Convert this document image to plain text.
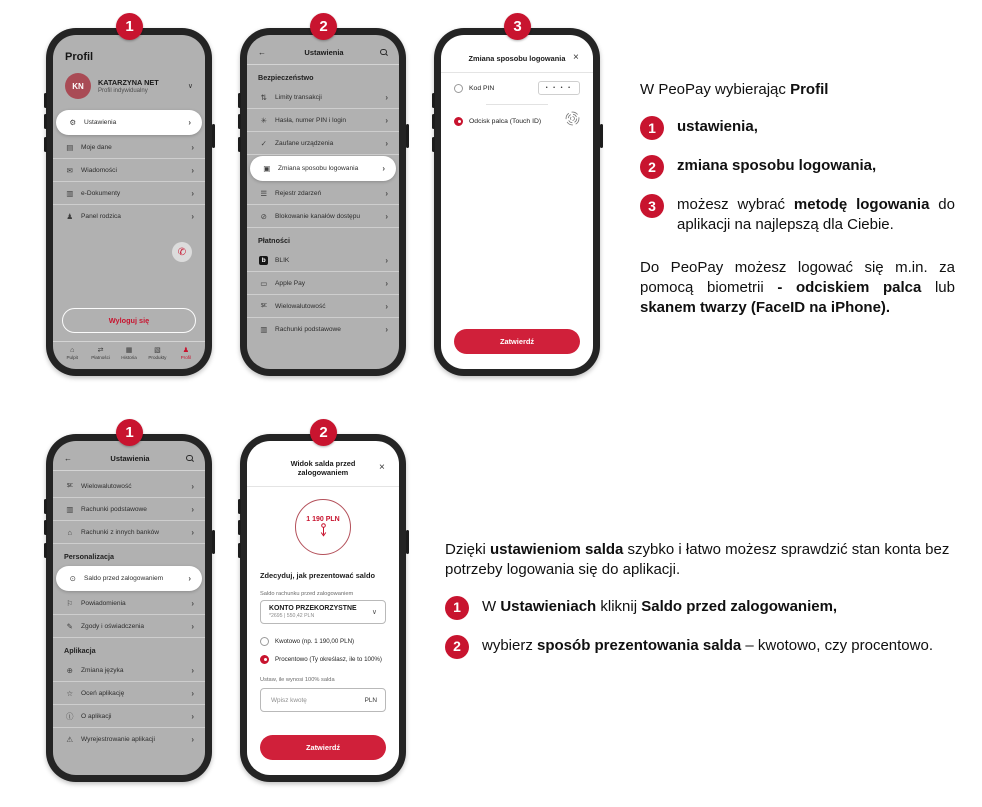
1	2	3
1	2
Profil
KN	KATARZYNA NET
Profil indywidualny
∨
⚙	Ustawienia	›
▤	Moje dane	›
✉	Wiadomości	›
▥	e-Dokumenty	›
♟	Panel rodzica	›
✆
Wyloguj się
⌂
Pulpit
⇄
Płatności
▦
Historia
▧
Produkty
♟
Profil
←	Ustawienia
Bezpieczeństwo
⇅	Limity transakcji	›
✳	Hasła, numer PIN i login	›
✓	Zaufane urządzenia	›
▣	Zmiana sposobu logowania	›
☰	Rejestr zdarzeń	›
⊘	Blokowanie kanałów dostępu	›
Płatności
b	BLIK	›
▭	Apple Pay	›
$€	Wielowalutowość	›
▥	Rachunki podstawowe	›
Zmiana sposobu logowania ×
Kod PIN	• • • •
Odcisk palca (Touch ID)
Zatwierdź
←	Ustawienia
$€	Wielowalutowość	›
▥	Rachunki podstawowe	›
⌂	Rachunki z innych banków	›
Personalizacja
⊙	Saldo przed zalogowaniem	›
⚐	Powiadomienia	›
✎	Zgody i oświadczenia	›
Aplikacja
⊕	Zmiana języka	›
☆	Oceń aplikację	›
ⓘ	O aplikacji	›
⚠	Wyrejestrowanie aplikacji	›
Widok salda przed zalogowaniem	×
1 190 PLN
Zdecyduj, jak prezentować saldo
Saldo rachunku przed zalogowaniem
KONTO PRZEKORZYSTNE
*2695 | 550,42 PLN	∨
Kwotowo (np. 1 190,00 PLN)
Procentowo (Ty określasz, ile to 100%)
Ustaw, ile wynosi 100% salda
Wpisz kwotę
PLN
Zatwierdź
W PeoPay wybierając Profil
1	ustawienia,
2	zmiana sposobu logowania,
3	możesz wybrać metodę logowania do aplikacji na najlepszą dla Ciebie.
Do PeoPay możesz logować się m.in. za pomocą biometrii - odciskiem palca lub skanem twarzy (FaceID na iPhone).
Dzięki ustawieniom salda szybko i łatwo możesz sprawdzić stan konta bez potrzeby logowania się do aplikacji.
1	W Ustawieniach kliknij Saldo przed zalogowaniem,
2	wybierz sposób prezentowania salda – kwotowo, czy procentowo.
